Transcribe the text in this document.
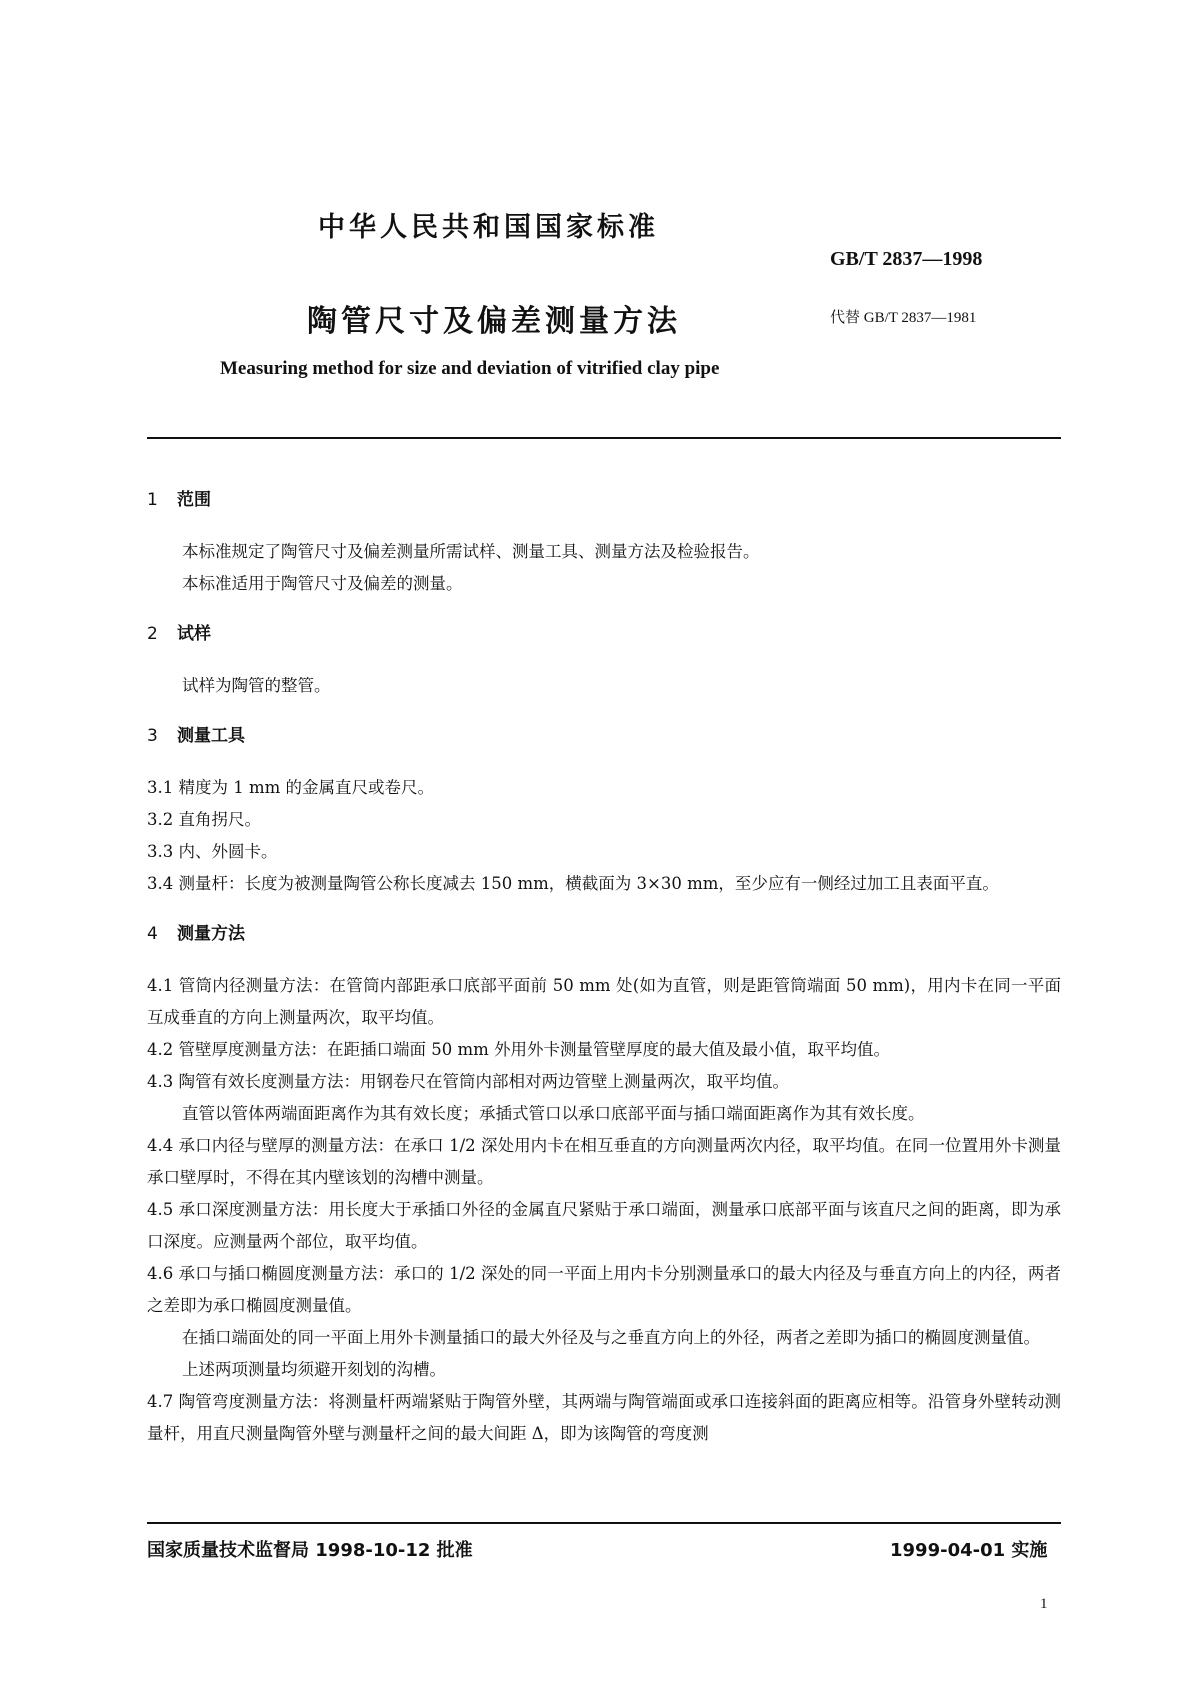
中华人民共和国国家标准
GB/T 2837—1998
陶管尺寸及偏差测量方法	代替 GB/T 2837—1981
Measuring method for size and deviation of vitrified clay pipe
1 范围

本标准规定了陶管尺寸及偏差测量所需试样、测量工具、测量方法及检验报告。

本标准适用于陶管尺寸及偏差的测量。

2 试样

试样为陶管的整管。

3 测量工具

3.1 精度为 1 mm 的金属直尺或卷尺。

3.2 直角拐尺。

3.3 内、外圆卡。

3.4 测量杆：长度为被测量陶管公称长度减去 150 mm，横截面为 3×30 mm，至少应有一侧经过加工且表面平直。

4 测量方法

4.1 管筒内径测量方法：在管筒内部距承口底部平面前 50 mm 处(如为直管，则是距管筒端面 50 mm)，用内卡在同一平面互成垂直的方向上测量两次，取平均值。

4.2 管壁厚度测量方法：在距插口端面 50 mm 外用外卡测量管壁厚度的最大值及最小值，取平均值。

4.3 陶管有效长度测量方法：用钢卷尺在管筒内部相对两边管壁上测量两次，取平均值。

直管以管体两端面距离作为其有效长度；承插式管口以承口底部平面与插口端面距离作为其有效长度。

4.4 承口内径与壁厚的测量方法：在承口 1/2 深处用内卡在相互垂直的方向测量两次内径，取平均值。在同一位置用外卡测量承口壁厚时，不得在其内壁该划的沟槽中测量。

4.5 承口深度测量方法：用长度大于承插口外径的金属直尺紧贴于承口端面，测量承口底部平面与该直尺之间的距离，即为承口深度。应测量两个部位，取平均值。

4.6 承口与插口椭圆度测量方法：承口的 1/2 深处的同一平面上用内卡分别测量承口的最大内径及与垂直方向上的内径，两者之差即为承口椭圆度测量值。

在插口端面处的同一平面上用外卡测量插口的最大外径及与之垂直方向上的外径，两者之差即为插口的椭圆度测量值。

上述两项测量均须避开刻划的沟槽。

4.7 陶管弯度测量方法：将测量杆两端紧贴于陶管外壁，其两端与陶管端面或承口连接斜面的距离应相等。沿管身外壁转动测量杆，用直尺测量陶管外壁与测量杆之间的最大间距 Δ，即为该陶管的弯度测

国家质量技术监督局 1998-10-12 批准	1999-04-01 实施
1
